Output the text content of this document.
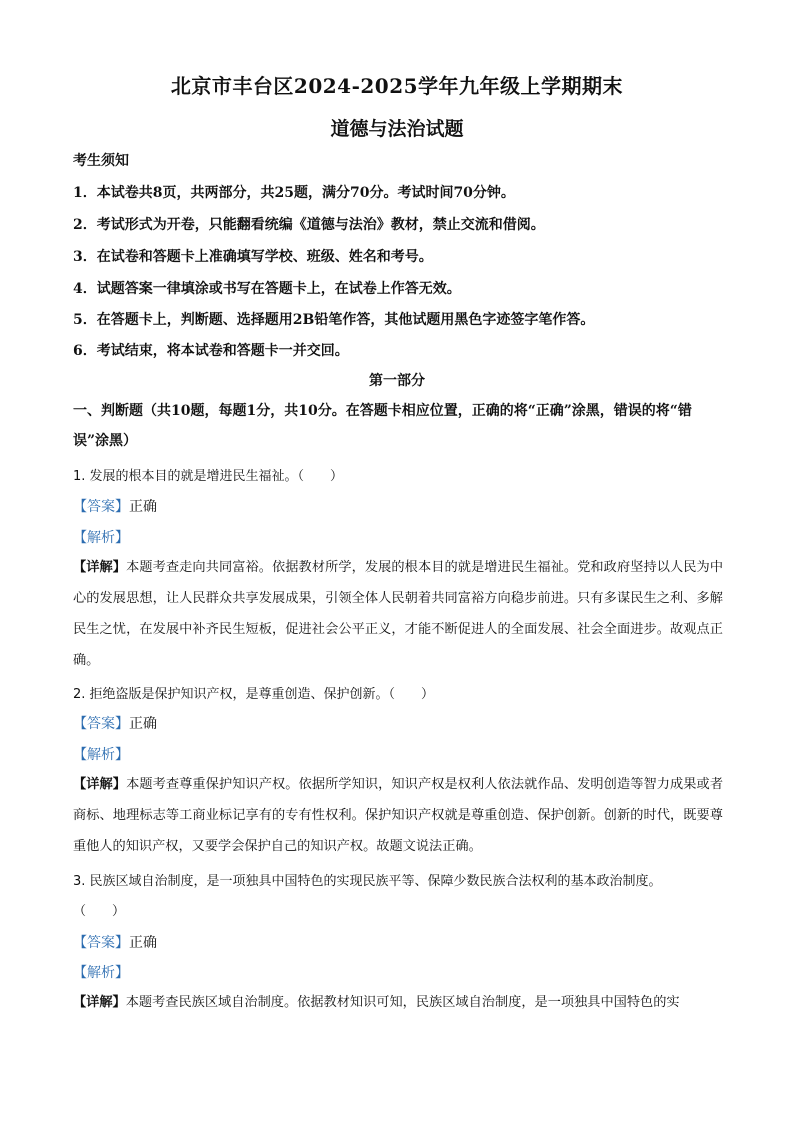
北京市丰台区2024-2025学年九年级上学期期末
道德与法治试题
考生须知
1．本试卷共8页，共两部分，共25题，满分70分。考试时间70分钟。
2．考试形式为开卷，只能翻看统编《道德与法治》教材，禁止交流和借阅。
3．在试卷和答题卡上准确填写学校、班级、姓名和考号。
4．试题答案一律填涂或书写在答题卡上，在试卷上作答无效。
5．在答题卡上，判断题、选择题用2B铅笔作答，其他试题用黑色字迹签字笔作答。
6．考试结束，将本试卷和答题卡一并交回。
第一部分
一、判断题（共10题，每题1分，共10分。在答题卡相应位置，正确的将“正确”涂黑，错误的将“错误”涂黑）
1. 发展的根本目的就是增进民生福祉。（　　）
【答案】正确
【解析】
【详解】本题考查走向共同富裕。依据教材所学，发展的根本目的就是增进民生福祉。党和政府坚持以人民为中心的发展思想，让人民群众共享发展成果，引领全体人民朝着共同富裕方向稳步前进。只有多谋民生之利、多解民生之忧，在发展中补齐民生短板，促进社会公平正义，才能不断促进人的全面发展、社会全面进步。故观点正确。
2. 拒绝盗版是保护知识产权，是尊重创造、保护创新。（　　）
【答案】正确
【解析】
【详解】本题考查尊重保护知识产权。依据所学知识，知识产权是权利人依法就作品、发明创造等智力成果或者商标、地理标志等工商业标记享有的专有性权利。保护知识产权就是尊重创造、保护创新。创新的时代，既要尊重他人的知识产权，又要学会保护自己的知识产权。故题文说法正确。
3. 民族区域自治制度，是一项独具中国特色的实现民族平等、保障少数民族合法权利的基本政治制度。
（　　）
【答案】正确
【解析】
【详解】本题考查民族区域自治制度。依据教材知识可知，民族区域自治制度，是一项独具中国特色的实
